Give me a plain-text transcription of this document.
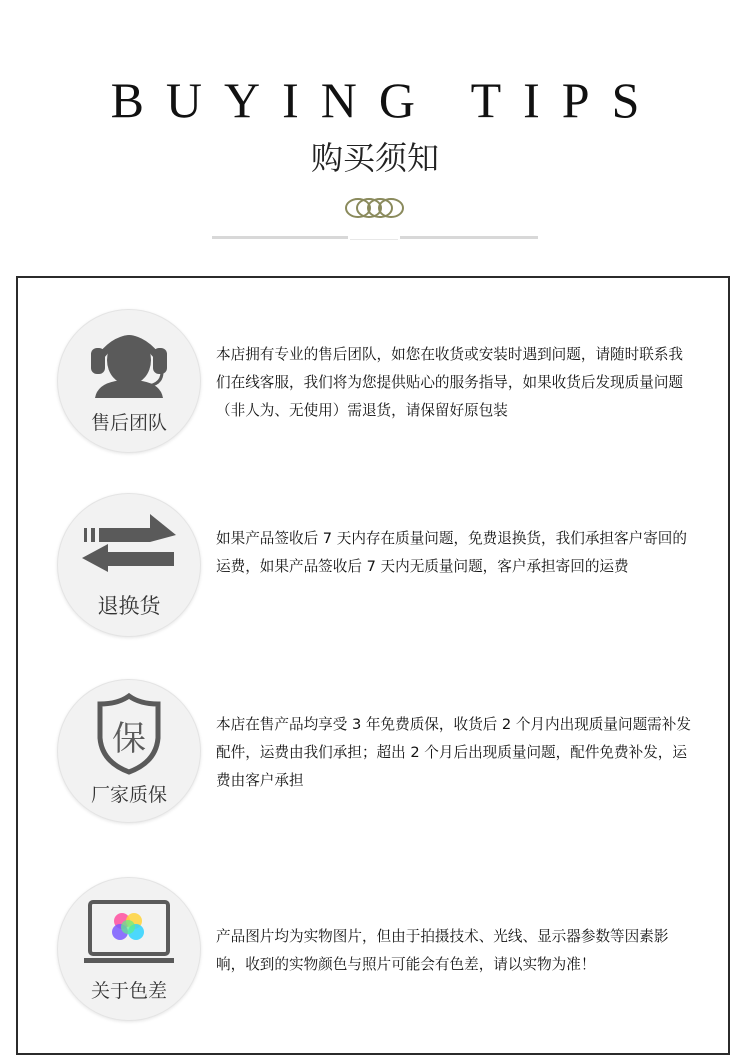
BUYING TIPS
购买须知
售后团队
本店拥有专业的售后团队，如您在收货或安装时遇到问题，请随时联系我们在线客服，我们将为您提供贴心的服务指导，如果收货后发现质量问题（非人为、无使用）需退货，请保留好原包装
退换货
如果产品签收后 7 天内存在质量问题，免费退换货，我们承担客户寄回的运费，如果产品签收后 7 天内无质量问题，客户承担寄回的运费
保
厂家质保
本店在售产品均享受 3 年免费质保，收货后 2 个月内出现质量问题需补发配件，运费由我们承担；超出 2 个月后出现质量问题，配件免费补发，运费由客户承担
关于色差
产品图片均为实物图片，但由于拍摄技术、光线、显示器参数等因素影响，收到的实物颜色与照片可能会有色差，请以实物为准！
